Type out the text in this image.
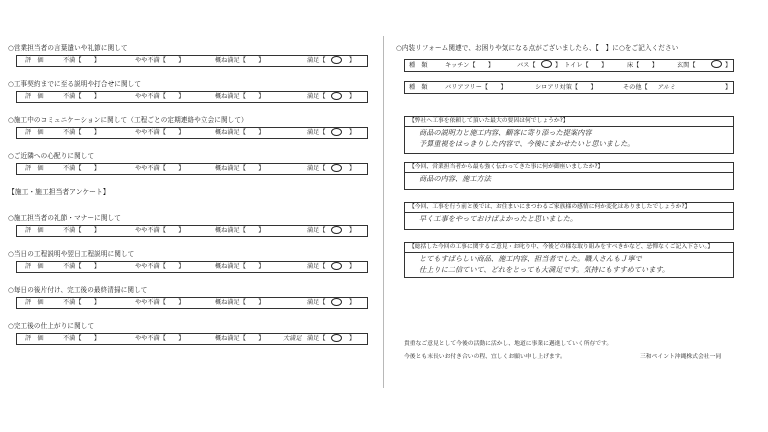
○営業担当者の言葉遣いや礼節に関して
評　価	不満【　　】	やや不満【　　】	概ね満足【　　】	満足【	】
○工事契約までに至る説明や打合せに関して
評　価	不満【　　】	やや不満【　　】	概ね満足【　　】	満足【	】
○施工中のコミュニケーションに関して（工程ごとの定期連絡や立会に関して）
評　価	不満【　　】	やや不満【　　】	概ね満足【　　】	満足【	】
○ご近隣への心配りに関して
評　価	不満【　　】	やや不満【　　】	概ね満足【　　】	満足【	】
【施工・施工担当者アンケート】
○施工担当者の礼節・マナーに関して
評　価	不満【　　】	やや不満【　　】	概ね満足【　　】	満足【	】
○当日の工程説明や翌日工程説明に関して
評　価	不満【　　】	やや不満【　　】	概ね満足【　　】	満足【	】
○毎日の後片付け、完工後の最終清掃に関して
評　価	不満【　　】	やや不満【　　】	概ね満足【　　】	満足【	】
○完工後の仕上がりに関して
評　価	不満【　　】	やや不満【　　】	概ね満足【　　】	大満足 満足【	】
○内装リフォーム関連で、お困りや気になる点がございましたら、【　】に○をご記入ください
種　類	キッチン【　　】	バス【	】　トイレ【　　】	床【　　】	玄関【	】
種　類	バリアフリー【　　】	シロアリ対策【　　】	その他【 アルミ	】
【弊社へ工事を依頼して頂いた最大の要因は何でしょうか?】
商品の説明力と施工内容、顧客に寄り添った提案内容
予算重視をはっきりした内容で、今後にまかせたいと思いました。
【今回、営業担当者から最も強く伝わってきた事に何が御座いましたか?】
商品の内容、施工方法
【今回、工事を行う前と後では、お住まいにまつわるご家族様の感情に何か変化はありましたでしょうか?】
早く工事をやっておけばよかったと思いました。
【総括した今回の工事に関するご意見・お叱り中、今後どの様な取り組みをすべきかなど、忌憚なくご記入下さい。】
とてもすばらしい商品、施工内容、担当者でした。職人さんもＪ寧で
仕上りに二信ていて、どれをとっても大満足です。気持にもすすめています。
貴重なご意見として今後の活動に活かし、地道に事業に邁進していく所存です。
今後とも末長いお付き合いの程、宜しくお願い申し上げます。	三和ペイント沖縄株式会社一同
